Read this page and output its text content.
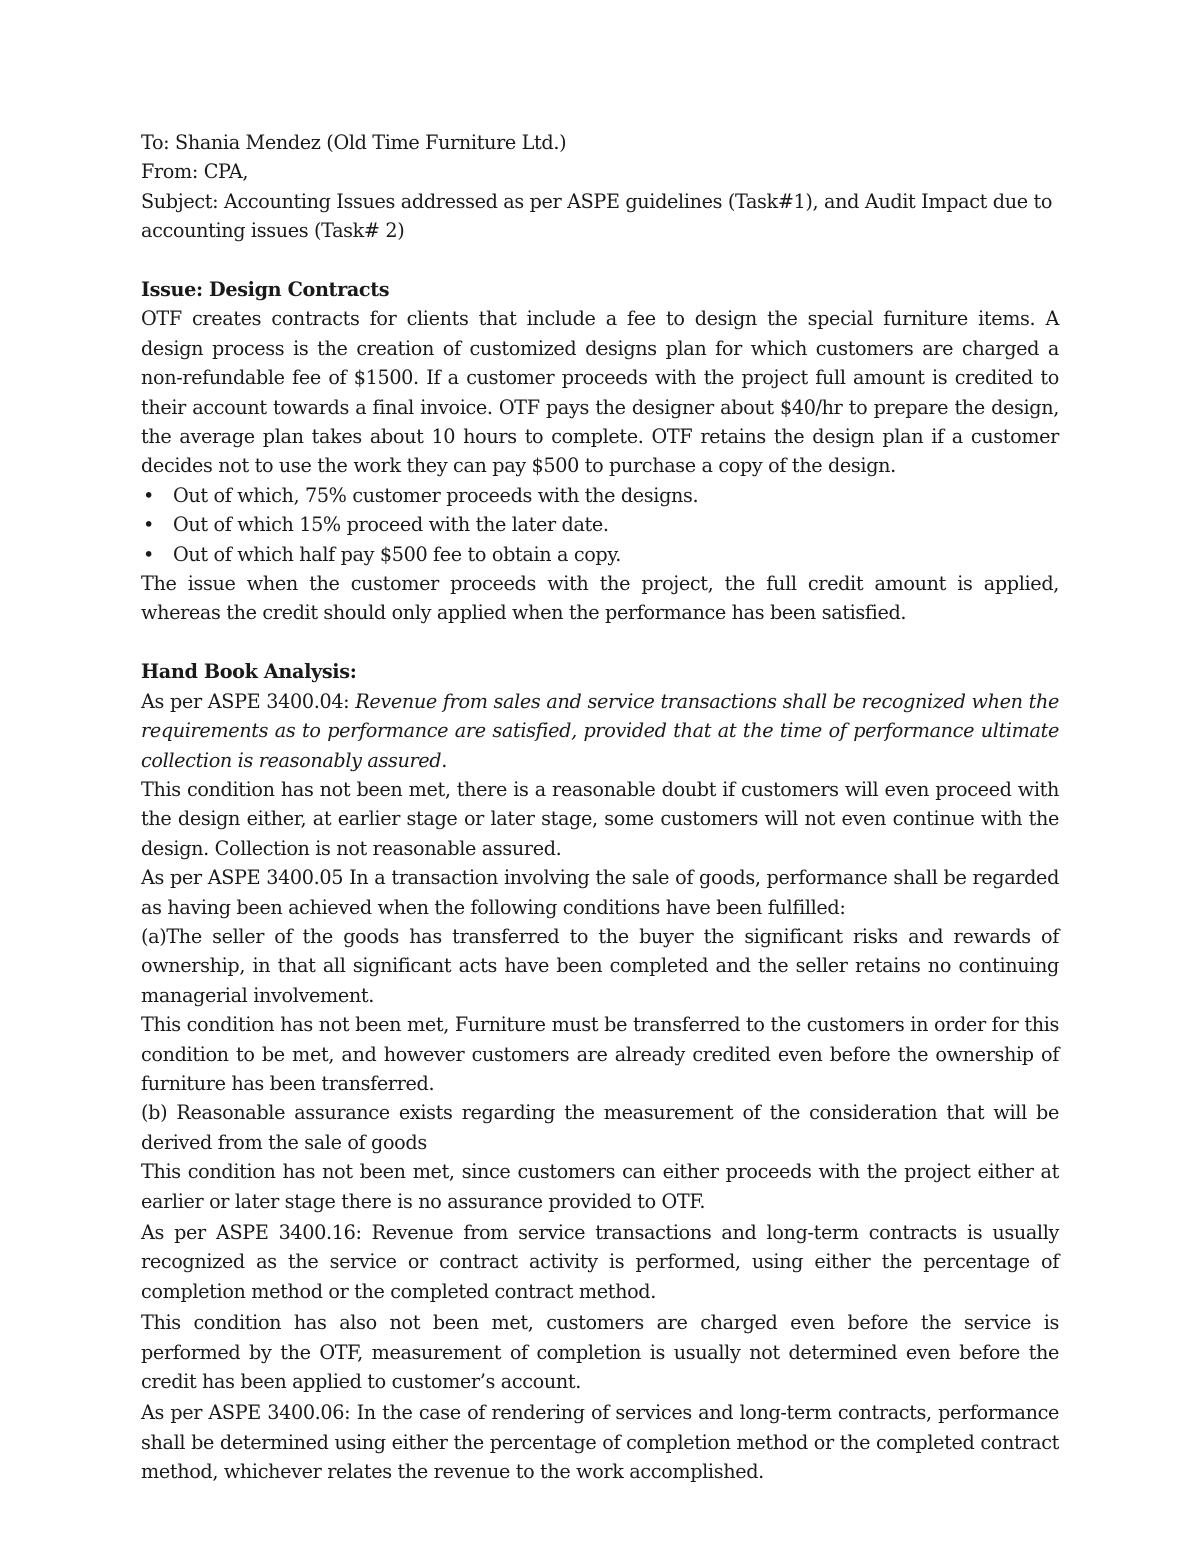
To: Shania Mendez (Old Time Furniture Ltd.)

From: CPA,

Subject: Accounting Issues addressed as per ASPE guidelines (Task#1), and Audit Impact due to accounting issues (Task# 2)

Issue: Design Contracts

OTF creates contracts for clients that include a fee to design the special furniture items. A design process is the creation of customized designs plan for which customers are charged a non-refundable fee of $1500. If a customer proceeds with the project full amount is credited to their account towards a final invoice. OTF pays the designer about $40/hr to prepare the design, the average plan takes about 10 hours to complete. OTF retains the design plan if a customer decides not to use the work they can pay $500 to purchase a copy of the design.

• Out of which, 75% customer proceeds with the designs.
• Out of which 15% proceed with the later date.
• Out of which half pay $500 fee to obtain a copy.

The issue when the customer proceeds with the project, the full credit amount is applied, whereas the credit should only applied when the performance has been satisfied.

Hand Book Analysis:

As per ASPE 3400.04: Revenue from sales and service transactions shall be recognized when the requirements as to performance are satisfied, provided that at the time of performance ultimate collection is reasonably assured.

This condition has not been met, there is a reasonable doubt if customers will even proceed with the design either, at earlier stage or later stage, some customers will not even continue with the design. Collection is not reasonable assured.

As per ASPE 3400.05 In a transaction involving the sale of goods, performance shall be regarded as having been achieved when the following conditions have been fulfilled:

(a)The seller of the goods has transferred to the buyer the significant risks and rewards of ownership, in that all significant acts have been completed and the seller retains no continuing managerial involvement.

This condition has not been met, Furniture must be transferred to the customers in order for this condition to be met, and however customers are already credited even before the ownership of furniture has been transferred.

(b) Reasonable assurance exists regarding the measurement of the consideration that will be derived from the sale of goods

This condition has not been met, since customers can either proceeds with the project either at earlier or later stage there is no assurance provided to OTF.

As per ASPE 3400.16: Revenue from service transactions and long-term contracts is usually recognized as the service or contract activity is performed, using either the percentage of completion method or the completed contract method.

This condition has also not been met, customers are charged even before the service is performed by the OTF, measurement of completion is usually not determined even before the credit has been applied to customer’s account.

As per ASPE 3400.06: In the case of rendering of services and long-term contracts, performance shall be determined using either the percentage of completion method or the completed contract method, whichever relates the revenue to the work accomplished.
